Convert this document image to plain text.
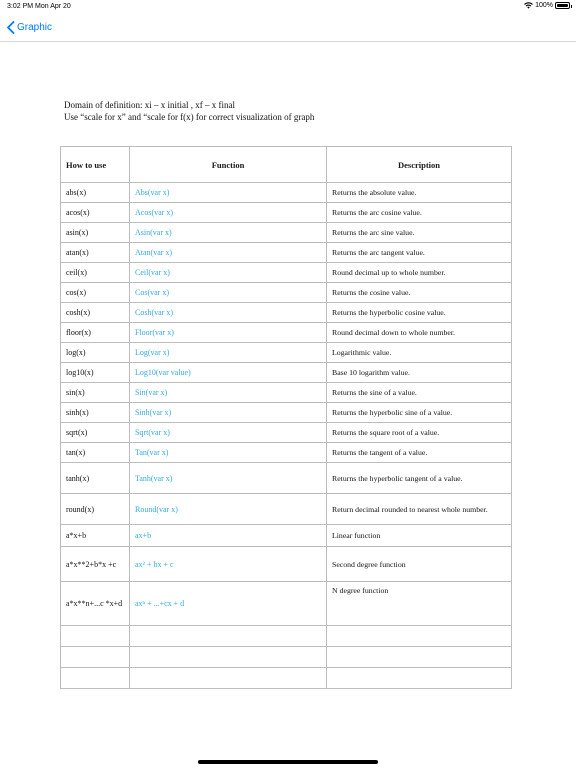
3:02 PM Mon Apr 20	100%
Graphic
Domain of definition: xi – x initial , xf – x final
Use “scale for x” and “scale for f(x) for correct visualization of graph
How to use	Function	Description
abs(x)	Abs(var x)	Returns the absolute value.
acos(x)	Acos(var x)	Returns the arc cosine value.
asin(x)	Asin(var x)	Returns the arc sine value.
atan(x)	Atan(var x)	Returns the arc tangent value.
ceil(x)	Ceil(var x)	Round decimal up to whole number.
cos(x)	Cos(var x)	Returns the cosine value.
cosh(x)	Cosh(var x)	Returns the hyperbolic cosine value.
floor(x)	Floor(var x)	Round decimal down to whole number.
log(x)	Log(var x)	Logarithmic value.
log10(x)	Log10(var value)	Base 10 logarithm value.
sin(x)	Sin(var x)	Returns the sine of a value.
sinh(x)	Sinh(var x)	Returns the hyperbolic sine of a value.
sqrt(x)	Sqrt(var x)	Returns the square root of a value.
tan(x)	Tan(var x)	Returns the tangent of a value.
tanh(x)	Tanh(var x)	Returns the hyperbolic tangent of a value.
round(x)	Round(var x)	Return decimal rounded to nearest whole number.
a*x+b	ax+b	Linear function
a*x**2+b*x +c	ax² + bx + c	Second degree function
a*x**n+...c *x+d	axⁿ + ...+cx + d	N degree function
